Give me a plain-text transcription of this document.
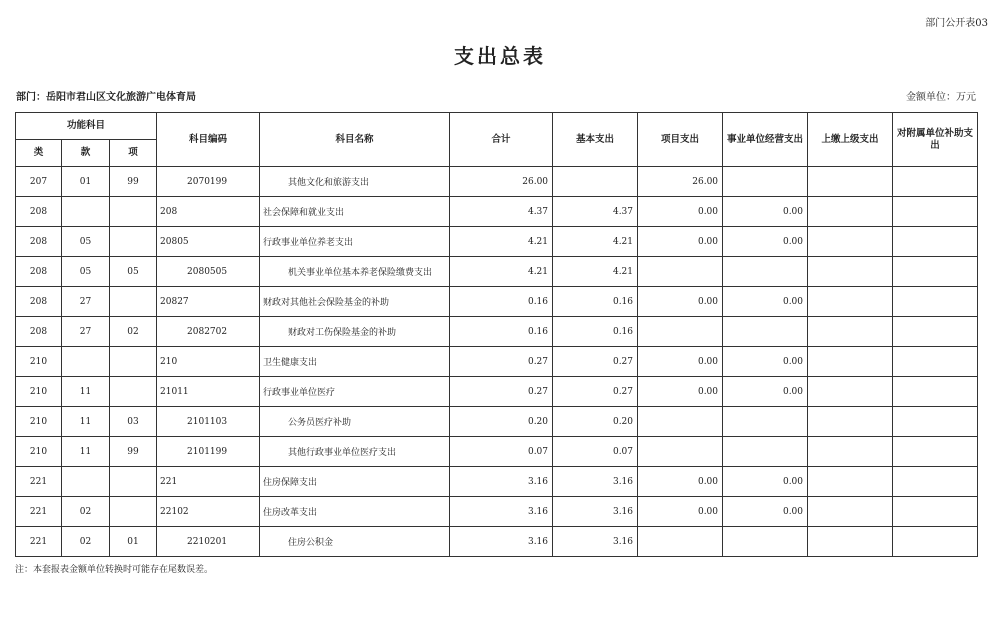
部门公开表03
支出总表
部门：岳阳市君山区文化旅游广电体育局	金额单位：万元
功能科目			科目编码	科目名称	合计	基本支出	项目支出	事业单位经营支出	上缴上级支出	对附属单位补助支出
类	款	项								
207	01	99	2070199	其他文化和旅游支出	26.00		26.00			
208			208	社会保障和就业支出	4.37	4.37	0.00	0.00		
208	05		20805	行政事业单位养老支出	4.21	4.21	0.00	0.00		
208	05	05	2080505	机关事业单位基本养老保险缴费支出	4.21	4.21				
208	27		20827	财政对其他社会保险基金的补助	0.16	0.16	0.00	0.00		
208	27	02	2082702	财政对工伤保险基金的补助	0.16	0.16				
210			210	卫生健康支出	0.27	0.27	0.00	0.00		
210	11		21011	行政事业单位医疗	0.27	0.27	0.00	0.00		
210	11	03	2101103	公务员医疗补助	0.20	0.20				
210	11	99	2101199	其他行政事业单位医疗支出	0.07	0.07				
221			221	住房保障支出	3.16	3.16	0.00	0.00		
221	02		22102	住房改革支出	3.16	3.16	0.00	0.00		
221	02	01	2210201	住房公积金	3.16	3.16				
注：本套报表金额单位转换时可能存在尾数误差。
